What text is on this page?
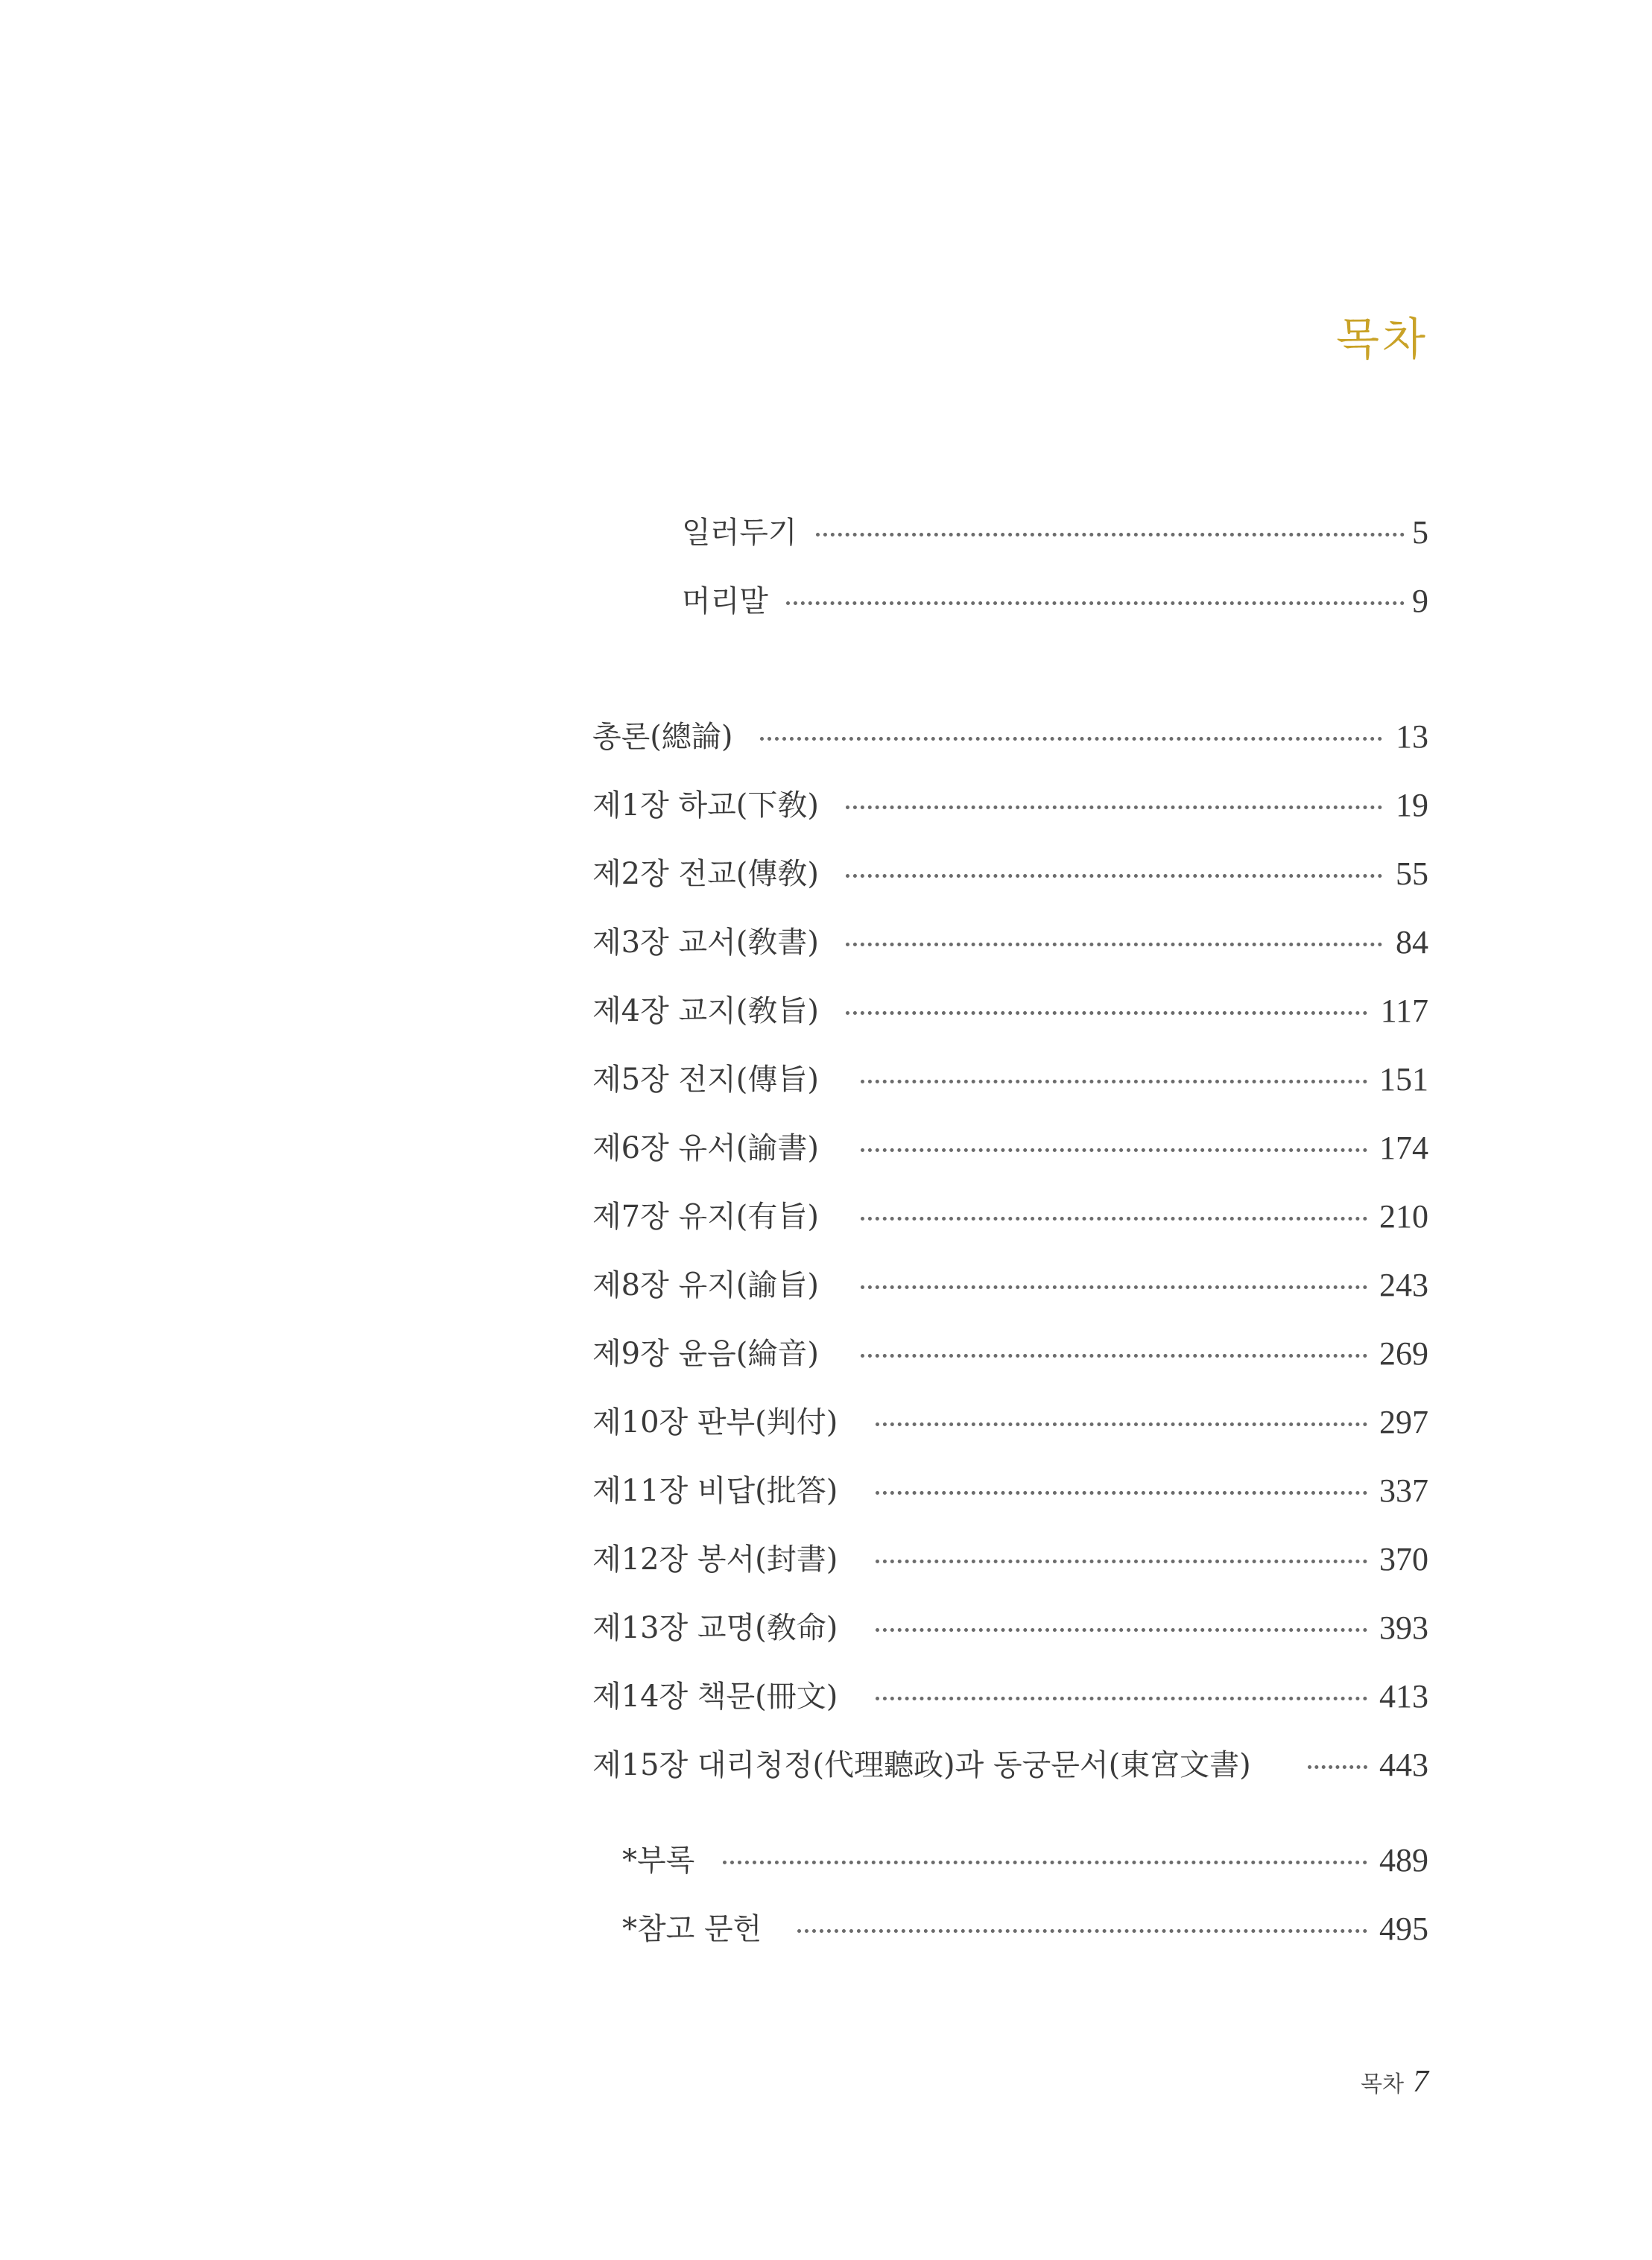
목차
일러두기	5
머리말	9
총론(總論)	13
제1장 하교(下敎)	19
제2장 전교(傳敎)	55
제3장 교서(敎書)	84
제4장 교지(敎旨)	117
제5장 전지(傳旨)	151
제6장 유서(諭書)	174
제7장 유지(有旨)	210
제8장 유지(諭旨)	243
제9장 윤음(綸音)	269
제10장 판부(判付)	297
제11장 비답(批答)	337
제12장 봉서(封書)	370
제13장 교명(敎命)	393
제14장 책문(冊文)	413
제15장 대리청정(代理聽政)과 동궁문서(東宮文書)	443
*부록	489
*참고 문헌	495
목차 7
